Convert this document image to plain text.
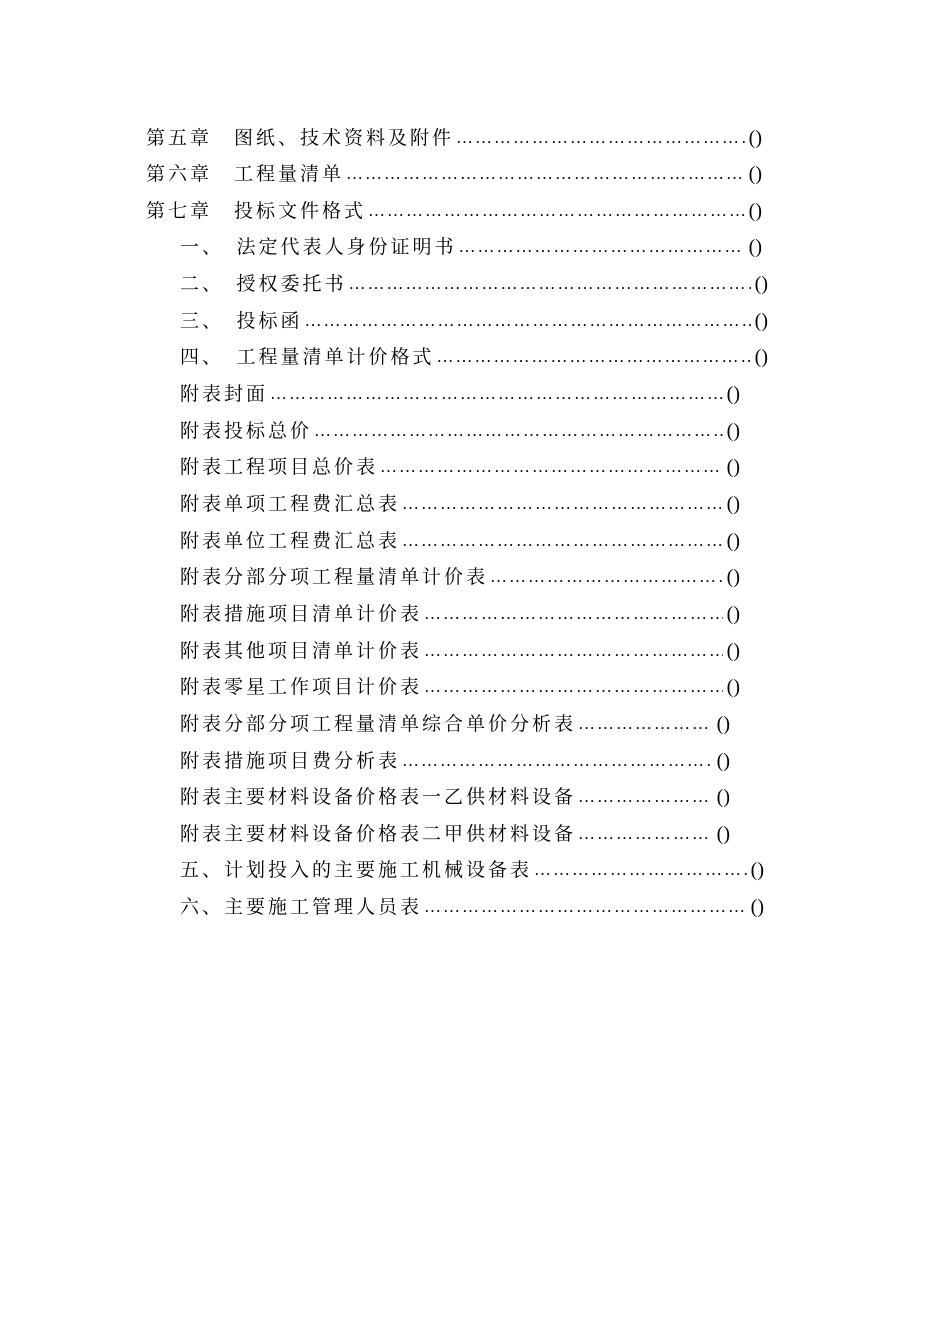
第五章　图纸、技术资料及附件 ……………………………………………………………………………………………………………………………………………………	()
第六章　工程量清单 ……………………………………………………………………………………………………………………………………………………	()
第七章　投标文件格式 ……………………………………………………………………………………………………………………………………………………	()
一、　法定代表人身份证明书 ……………………………………………………………………………………………………………………………………………………	()
二、　授权委托书 ……………………………………………………………………………………………………………………………………………………	()
三、　投标函 ……………………………………………………………………………………………………………………………………………………	()
四、　工程量清单计价格式 ……………………………………………………………………………………………………………………………………………………	()
附表封面 ……………………………………………………………………………………………………………………………………………………	()
附表投标总价 ……………………………………………………………………………………………………………………………………………………	()
附表工程项目总价表 ……………………………………………………………………………………………………………………………………………………	()
附表单项工程费汇总表 ……………………………………………………………………………………………………………………………………………………	()
附表单位工程费汇总表 ……………………………………………………………………………………………………………………………………………………	()
附表分部分项工程量清单计价表 ……………………………………………………………………………………………………………………………………………………	()
附表措施项目清单计价表 ……………………………………………………………………………………………………………………………………………………	()
附表其他项目清单计价表 ……………………………………………………………………………………………………………………………………………………	()
附表零星工作项目计价表 ……………………………………………………………………………………………………………………………………………………	()
附表分部分项工程量清单综合单价分析表 ……………………………………………………………………………………………………………………………………………………	()
附表措施项目费分析表 ……………………………………………………………………………………………………………………………………………………	()
附表主要材料设备价格表一乙供材料设备 ……………………………………………………………………………………………………………………………………………………	()
附表主要材料设备价格表二甲供材料设备 ……………………………………………………………………………………………………………………………………………………	()
五、计划投入的主要施工机械设备表 ……………………………………………………………………………………………………………………………………………………	()
六、主要施工管理人员表 ……………………………………………………………………………………………………………………………………………………	()
